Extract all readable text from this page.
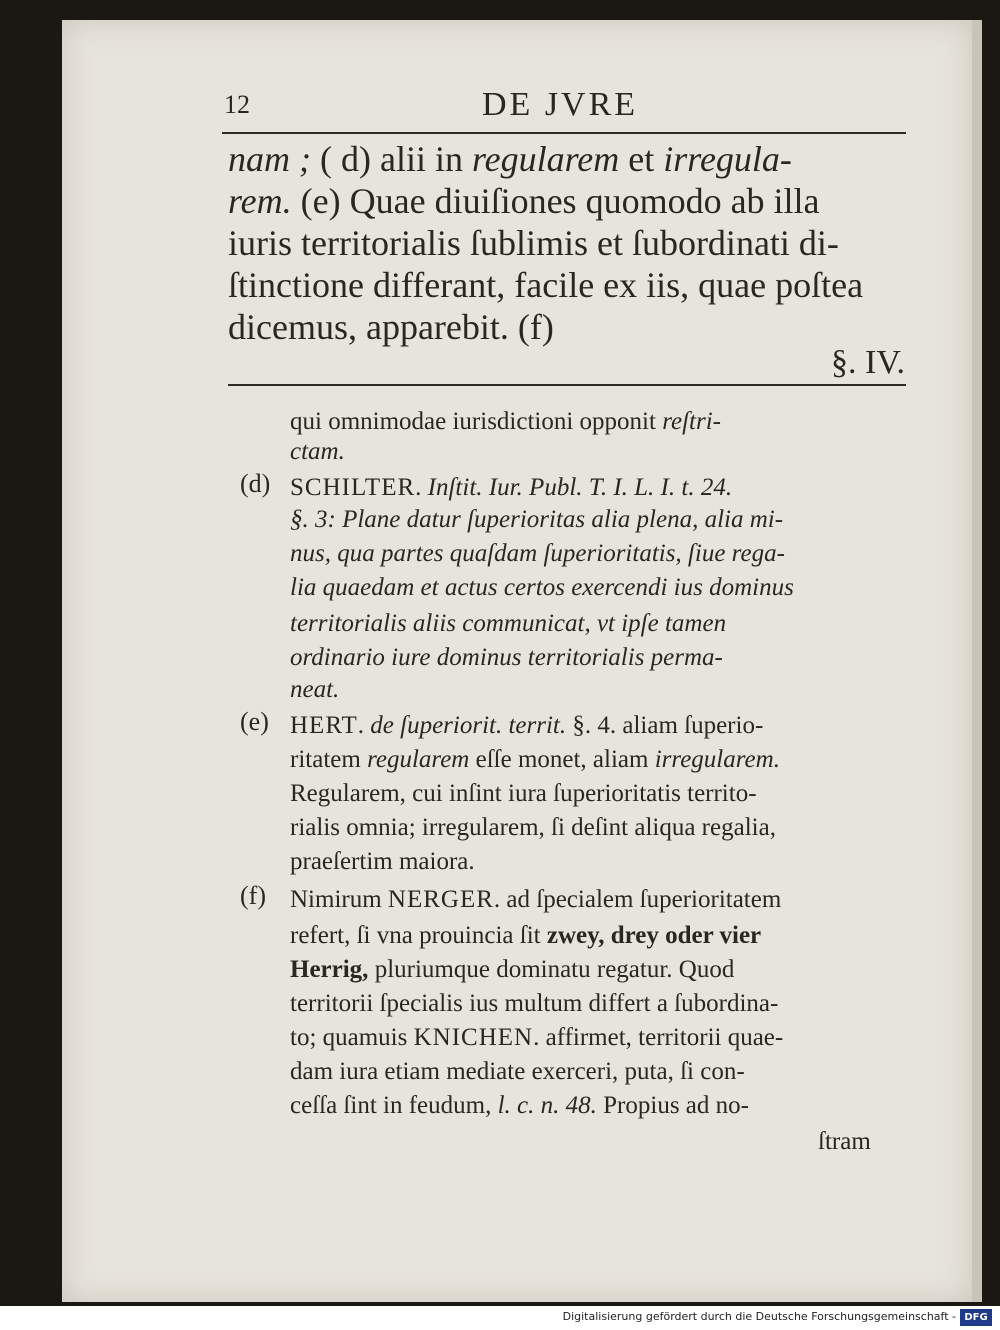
12	DE JVRE
nam ; ( d) alii in regularem et irregula-
rem. (e) Quae diuiſiones quomodo ab illa
iuris territorialis ſublimis et ſubordinati di-
ſtinctione differant, facile ex iis, quae poſtea
dicemus, apparebit. (f)
§. IV.
qui omnimodae iurisdictioni opponit reſtri-
ctam.
(d) SCHILTER. Inſtit. Iur. Publ. T. I. L. I. t. 24.
§. 3: Plane datur ſuperioritas alia plena, alia mi-
nus, qua partes quaſdam ſuperioritatis, ſiue rega-
lia quaedam et actus certos exercendi ius dominus
territorialis aliis communicat, vt ipſe tamen
ordinario iure dominus territorialis perma-
neat.
(e) HERT. de ſuperiorit. territ. §. 4. aliam ſuperio-
ritatem regularem eſſe monet, aliam irregularem.
Regularem, cui inſint iura ſuperioritatis territo-
rialis omnia; irregularem, ſi deſint aliqua regalia,
praeſertim maiora.
(f) Nimirum NERGER. ad ſpecialem ſuperioritatem
refert, ſi vna prouincia ſit zwey, drey oder vier
Herrig, pluriumque dominatu regatur. Quod
territorii ſpecialis ius multum differt a ſubordina-
to; quamuis KNICHEN. affirmet, territorii quae-
dam iura etiam mediate exerceri, puta, ſi con-
ceſſa ſint in feudum, l. c. n. 48. Propius ad no-
ſtram
Digitalisierung gefördert durch die Deutsche Forschungsgemeinschaft - DFG
